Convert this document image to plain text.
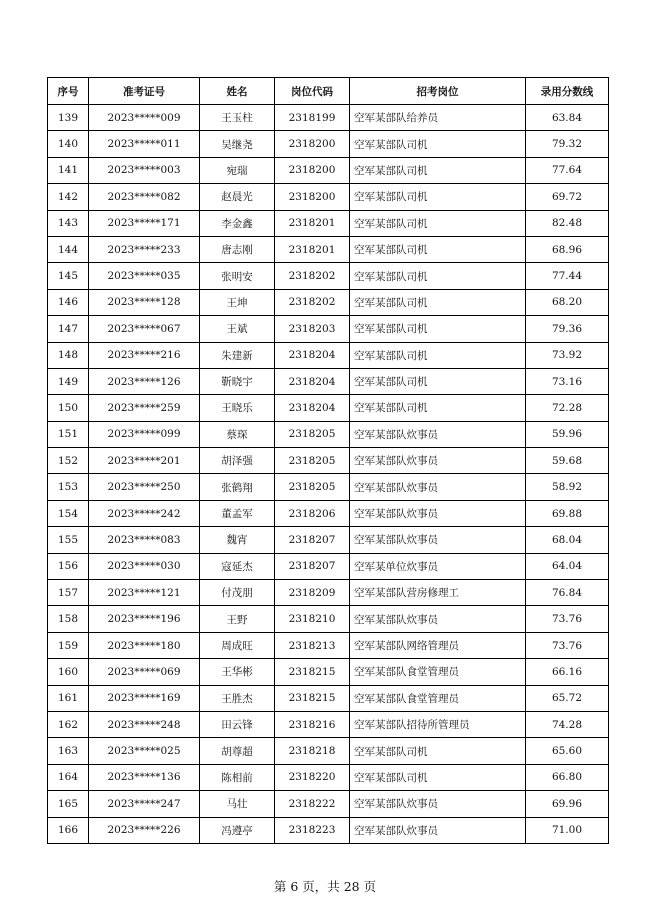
序号	准考证号	姓名	岗位代码	招考岗位	录用分数线
139	2023*****009	王玉柱	2318199	空军某部队给养员	63.84
140	2023*****011	吴继尧	2318200	空军某部队司机	79.32
141	2023*****003	宛瑞	2318200	空军某部队司机	77.64
142	2023*****082	赵晨光	2318200	空军某部队司机	69.72
143	2023*****171	李金鑫	2318201	空军某部队司机	82.48
144	2023*****233	唐志刚	2318201	空军某部队司机	68.96
145	2023*****035	张明安	2318202	空军某部队司机	77.44
146	2023*****128	王坤	2318202	空军某部队司机	68.20
147	2023*****067	王斌	2318203	空军某部队司机	79.36
148	2023*****216	朱建新	2318204	空军某部队司机	73.92
149	2023*****126	靳晓宇	2318204	空军某部队司机	73.16
150	2023*****259	王晓乐	2318204	空军某部队司机	72.28
151	2023*****099	蔡琛	2318205	空军某部队炊事员	59.96
152	2023*****201	胡泽强	2318205	空军某部队炊事员	59.68
153	2023*****250	张鹤翔	2318205	空军某部队炊事员	58.92
154	2023*****242	董孟军	2318206	空军某部队炊事员	69.88
155	2023*****083	魏宵	2318207	空军某部队炊事员	68.04
156	2023*****030	寇延杰	2318207	空军某单位炊事员	64.04
157	2023*****121	付茂朋	2318209	空军某部队营房修理工	76.84
158	2023*****196	王野	2318210	空军某部队炊事员	73.76
159	2023*****180	周成旺	2318213	空军某部队网络管理员	73.76
160	2023*****069	王华彬	2318215	空军某部队食堂管理员	66.16
161	2023*****169	王胜杰	2318215	空军某部队食堂管理员	65.72
162	2023*****248	田云锋	2318216	空军某部队招待所管理员	74.28
163	2023*****025	胡尊超	2318218	空军某部队司机	65.60
164	2023*****136	陈相前	2318220	空军某部队司机	66.80
165	2023*****247	马壮	2318222	空军某部队炊事员	69.96
166	2023*****226	冯遵亭	2318223	空军某部队炊事员	71.00
第 6 页，共 28 页
